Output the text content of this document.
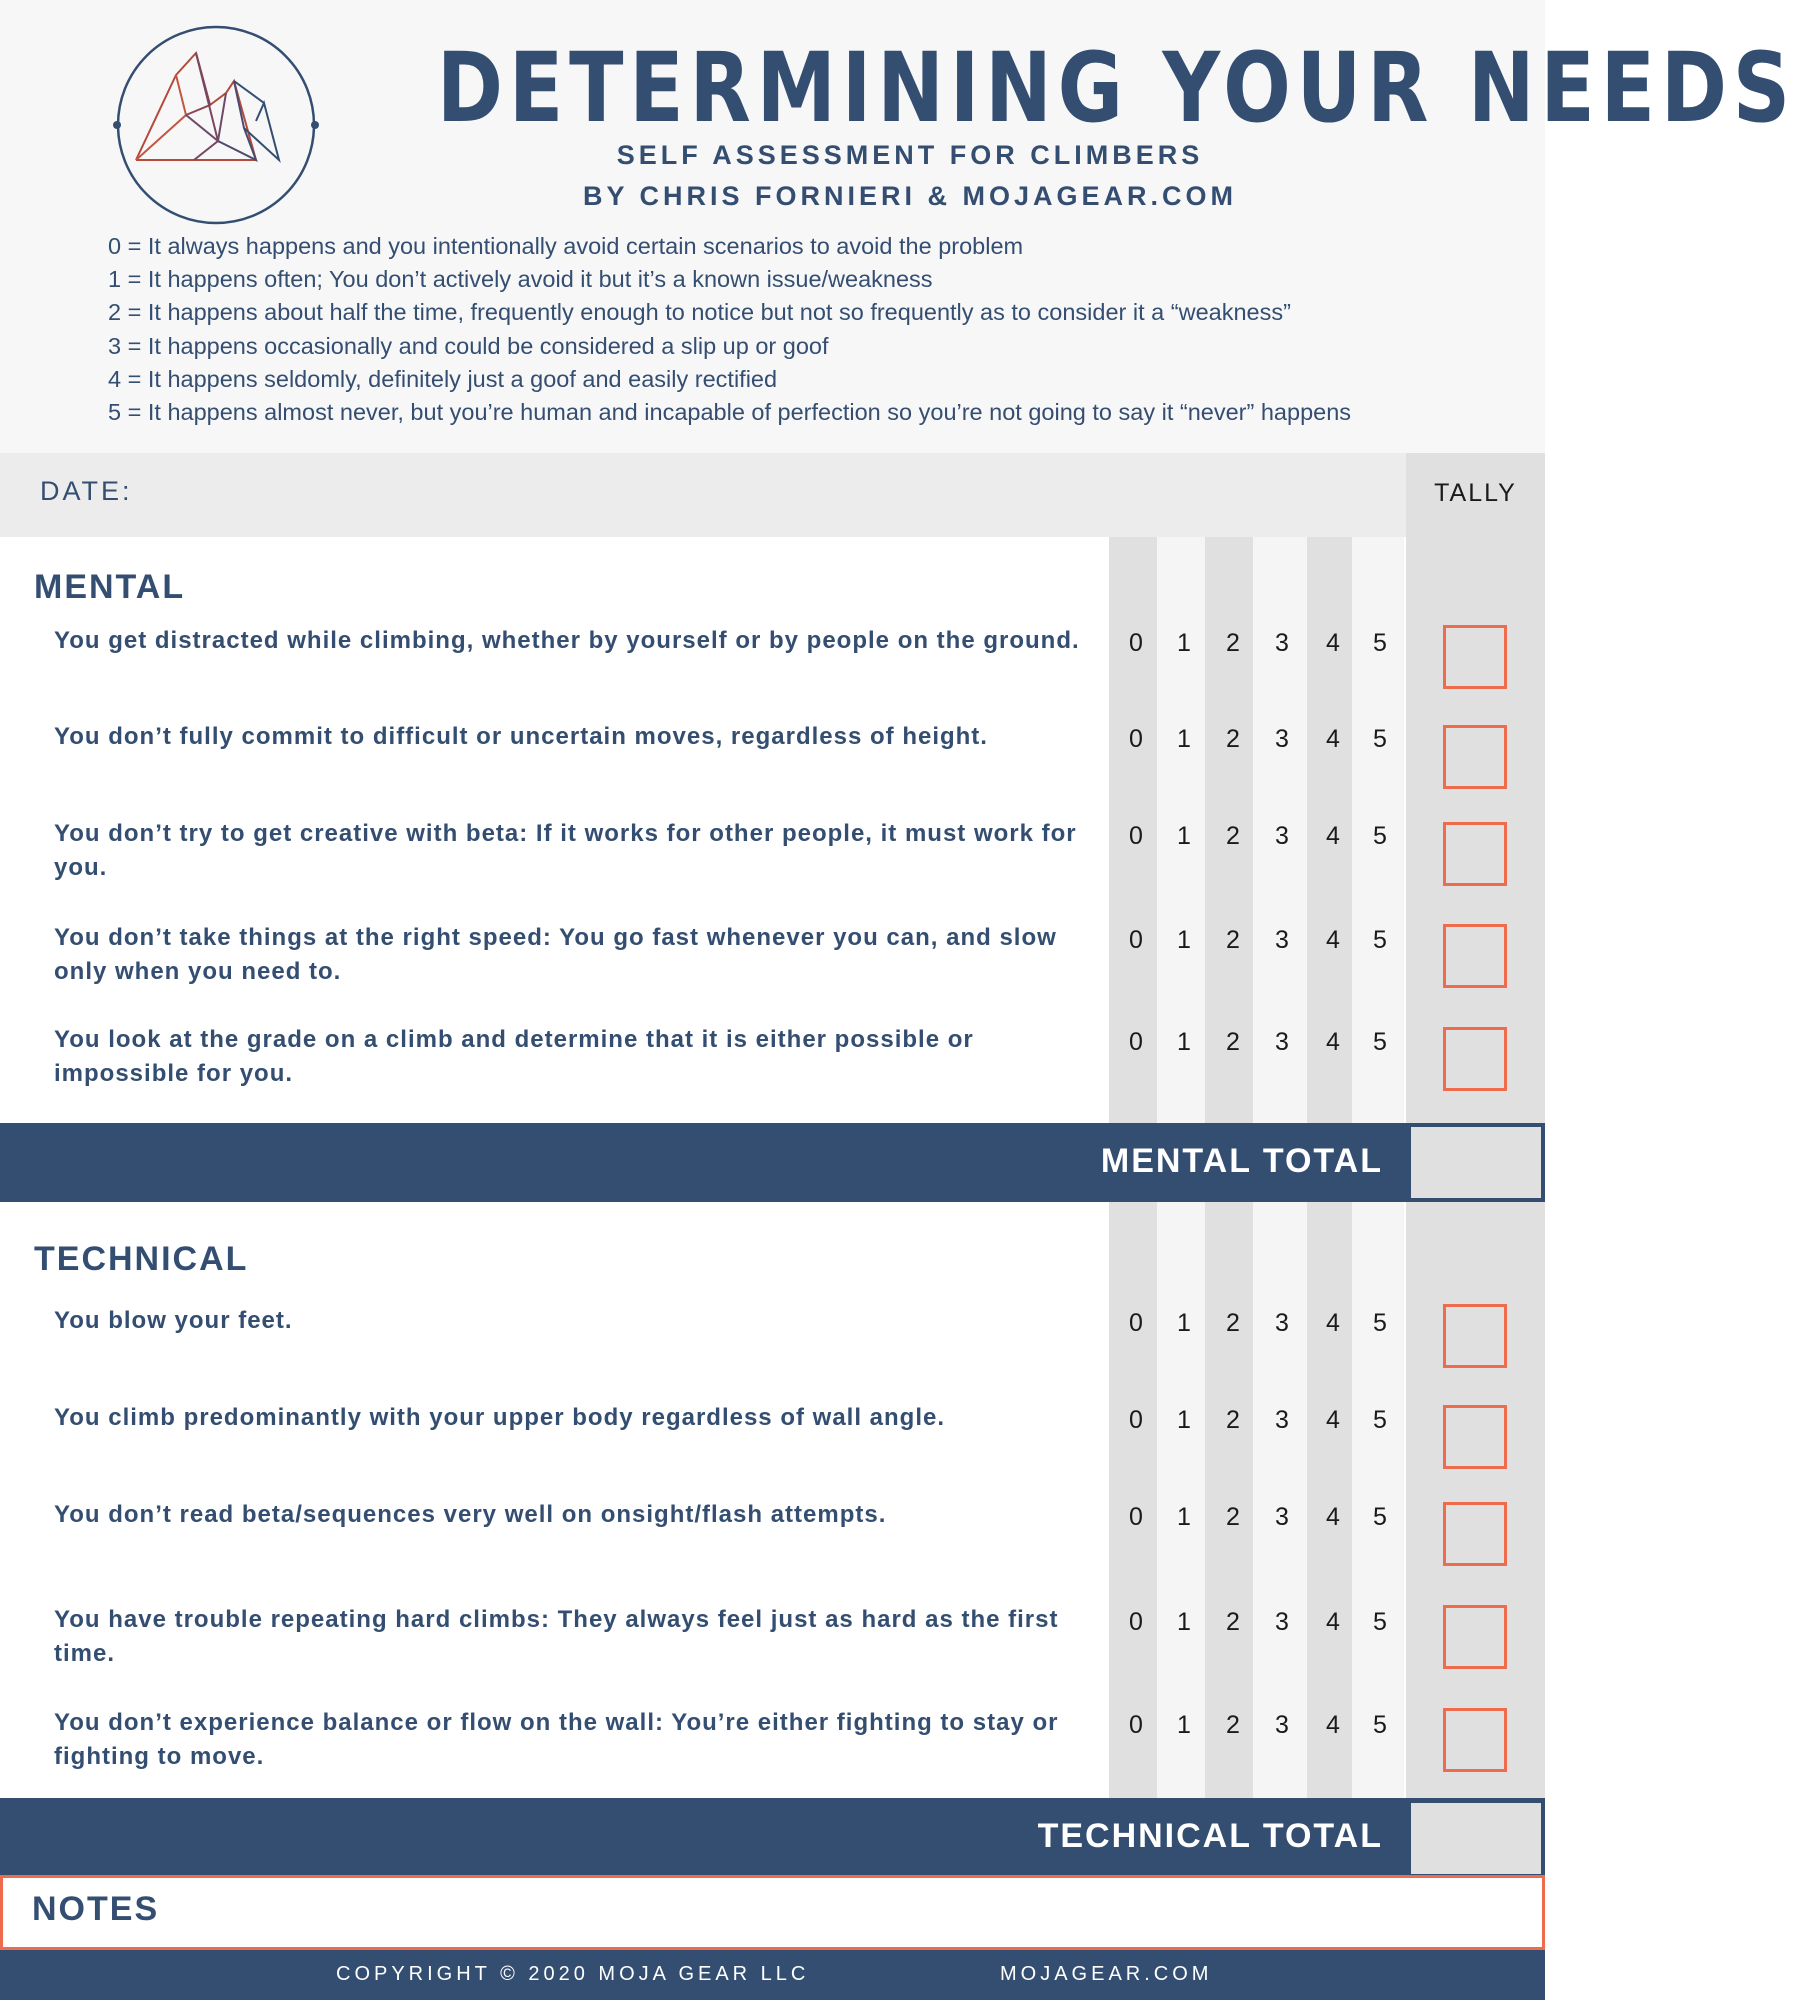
DETERMINING YOUR NEEDS
SELF ASSESSMENT FOR CLIMBERS
BY CHRIS FORNIERI & MOJAGEAR.COM
0 = It always happens and you intentionally avoid certain scenarios to avoid the problem
1 = It happens often; You don’t actively avoid it but it’s a known issue/weakness
2 = It happens about half the time, frequently enough to notice but not so frequently as to consider it a “weakness”
3 = It happens occasionally and could be considered a slip up or goof
4 = It happens seldomly, definitely just a goof and easily rectified
5 = It happens almost never, but you’re human and incapable of perfection so you’re not going to say it “never” happens
DATE:	TALLY
MENTAL
You get distracted while climbing, whether by yourself or by people on the ground.	0	1	2	3	4	5
You don’t fully commit to difficult or uncertain moves, regardless of height.	0	1	2	3	4	5
You don’t try to get creative with beta: If it works for other people, it must work for you.
0	1	2	3	4	5
You don’t take things at the right speed: You go fast whenever you can, and slow only when you need to.
0	1	2	3	4	5
You look at the grade on a climb and determine that it is either possible or impossible for you.
0	1	2	3	4	5
MENTAL TOTAL
TECHNICAL
You blow your feet.	0	1	2	3	4	5
You climb predominantly with your upper body regardless of wall angle.	0	1	2	3	4	5
You don’t read beta/sequences very well on onsight/flash attempts.	0	1	2	3	4	5
You have trouble repeating hard climbs: They always feel just as hard as the first time.
0	1	2	3	4	5
You don’t experience balance or flow on the wall: You’re either fighting to stay or fighting to move.
0	1	2	3	4	5
TECHNICAL TOTAL
NOTES
COPYRIGHT © 2020 MOJA GEAR LLC	MOJAGEAR.COM
